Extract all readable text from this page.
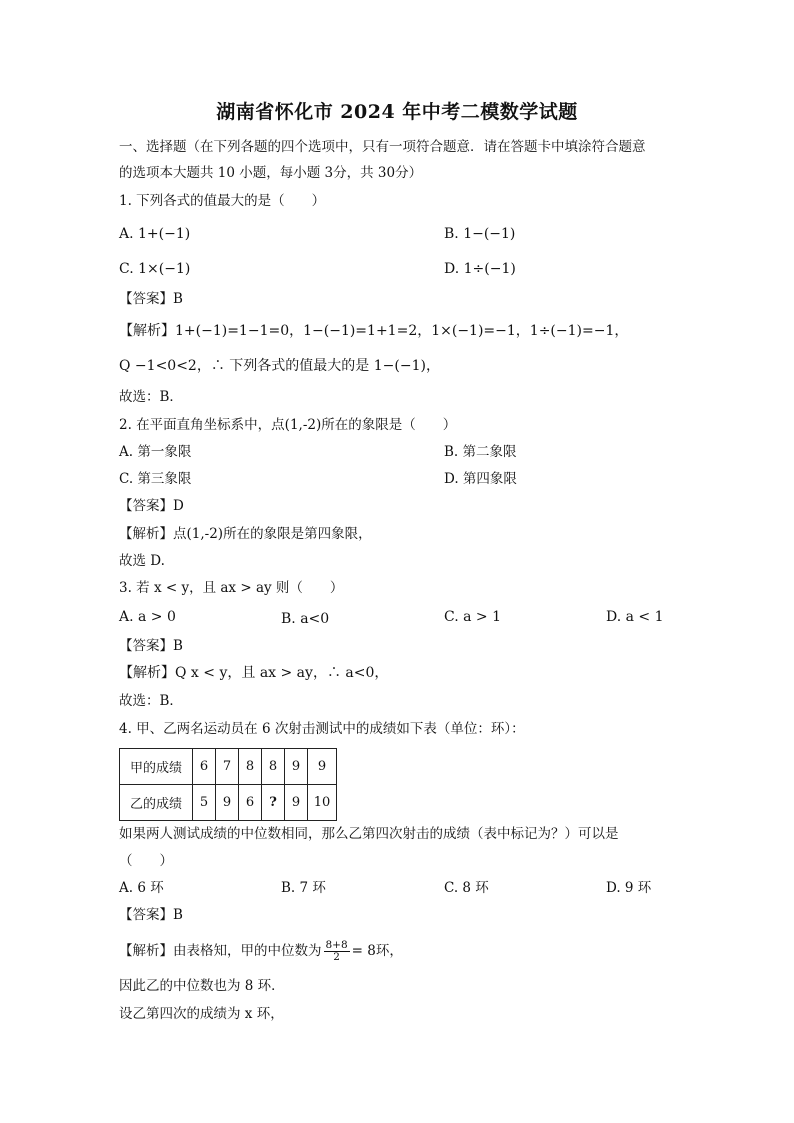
湖南省怀化市 2024 年中考二模数学试题
一、选择题（在下列各题的四个选项中，只有一项符合题意．请在答题卡中填涂符合题意
的选项本大题共 10 小题，每小题 3分，共 30分）
1. 下列各式的值最大的是（　　）
A. 1+(−1)	B. 1−(−1)
C. 1×(−1)	D. 1÷(−1)
【答案】B
【解析】1+(−1)=1−1=0，1−(−1)=1+1=2，1×(−1)=−1，1÷(−1)=−1，
Q −1<0<2，∴ 下列各式的值最大的是 1−(−1)，
故选：B．
2. 在平面直角坐标系中，点(1,-2)所在的象限是（　　）
A. 第一象限	B. 第二象限
C. 第三象限	D. 第四象限
【答案】D
【解析】点(1,-2)所在的象限是第四象限，
故选 D.
3. 若 x < y，且 ax > ay 则（　　）
A. a > 0	B. a<0	C. a > 1	D. a < 1
【答案】B
【解析】Q x < y，且 ax > ay，∴ a<0，
故选：B．
4. 甲、乙两名运动员在 6 次射击测试中的成绩如下表（单位：环）：
甲的成绩	6	7	8	8	9	9
乙的成绩	5	9	6	?	9	10
如果两人测试成绩的中位数相同，那么乙第四次射击的成绩（表中标记为？）可以是
（　　）
A. 6 环	B. 7 环	C. 8 环	D. 9 环
【答案】B
【解析】由表格知，甲的中位数为 $\frac{8+8}{2} = 8$环，
因此乙的中位数也为 8 环．
设乙第四次的成绩为 x 环，
